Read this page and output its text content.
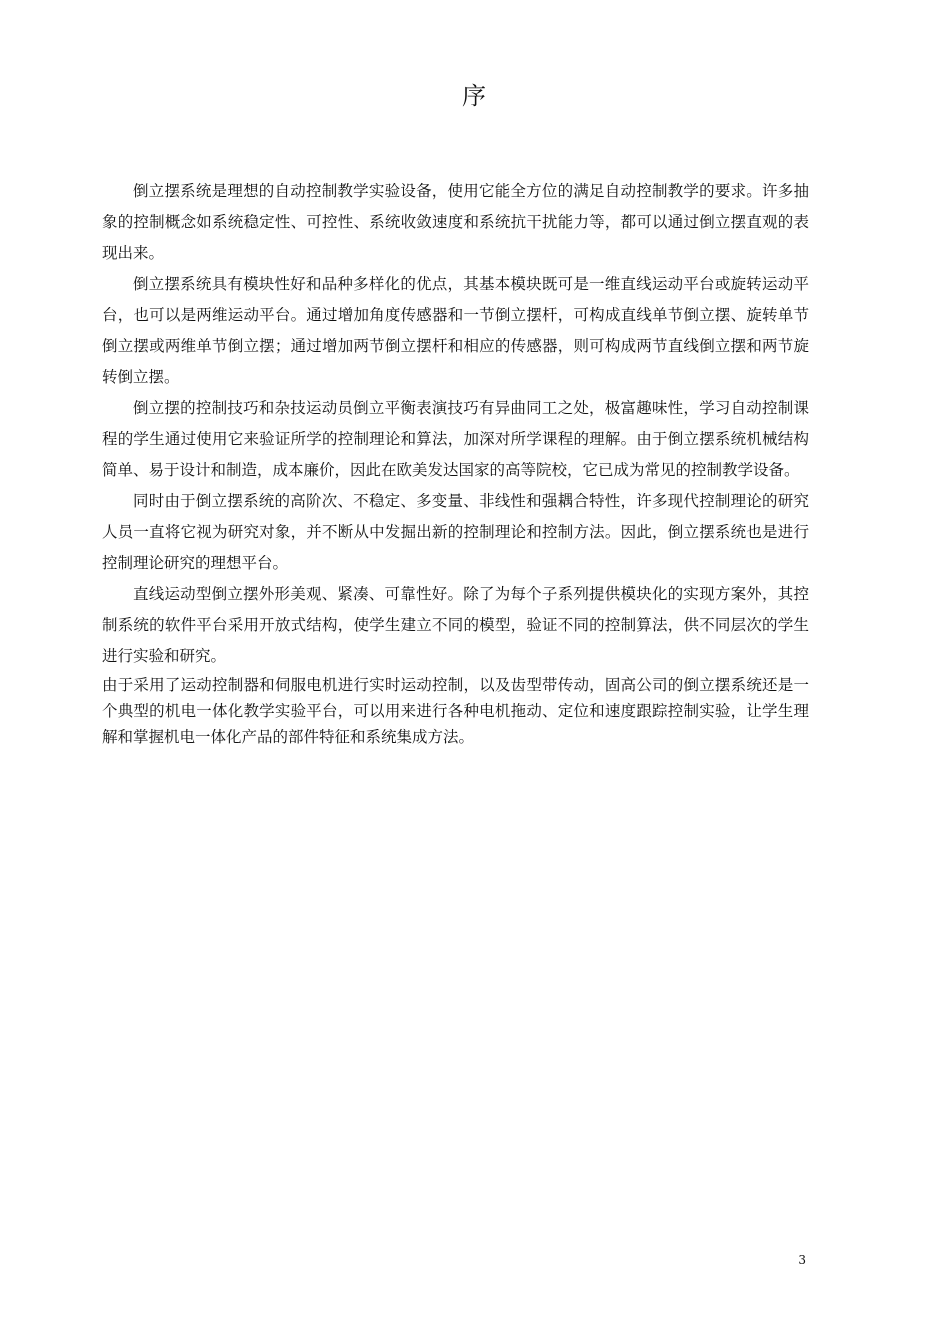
序

倒立摆系统是理想的自动控制教学实验设备，使用它能全方位的满足自动控制教学的要求。许多抽象的控制概念如系统稳定性、可控性、系统收敛速度和系统抗干扰能力等，都可以通过倒立摆直观的表现出来。

倒立摆系统具有模块性好和品种多样化的优点，其基本模块既可是一维直线运动平台或旋转运动平台，也可以是两维运动平台。通过增加角度传感器和一节倒立摆杆，可构成直线单节倒立摆、旋转单节倒立摆或两维单节倒立摆；通过增加两节倒立摆杆和相应的传感器，则可构成两节直线倒立摆和两节旋转倒立摆。

倒立摆的控制技巧和杂技运动员倒立平衡表演技巧有异曲同工之处，极富趣味性，学习自动控制课程的学生通过使用它来验证所学的控制理论和算法，加深对所学课程的理解。由于倒立摆系统机械结构简单、易于设计和制造，成本廉价，因此在欧美发达国家的高等院校，它已成为常见的控制教学设备。

同时由于倒立摆系统的高阶次、不稳定、多变量、非线性和强耦合特性，许多现代控制理论的研究人员一直将它视为研究对象，并不断从中发掘出新的控制理论和控制方法。因此，倒立摆系统也是进行控制理论研究的理想平台。

直线运动型倒立摆外形美观、紧凑、可靠性好。除了为每个子系列提供模块化的实现方案外，其控制系统的软件平台采用开放式结构，使学生建立不同的模型，验证不同的控制算法，供不同层次的学生进行实验和研究。

由于采用了运动控制器和伺服电机进行实时运动控制，以及齿型带传动，固高公司的倒立摆系统还是一个典型的机电一体化教学实验平台，可以用来进行各种电机拖动、定位和速度跟踪控制实验，让学生理解和掌握机电一体化产品的部件特征和系统集成方法。

3
